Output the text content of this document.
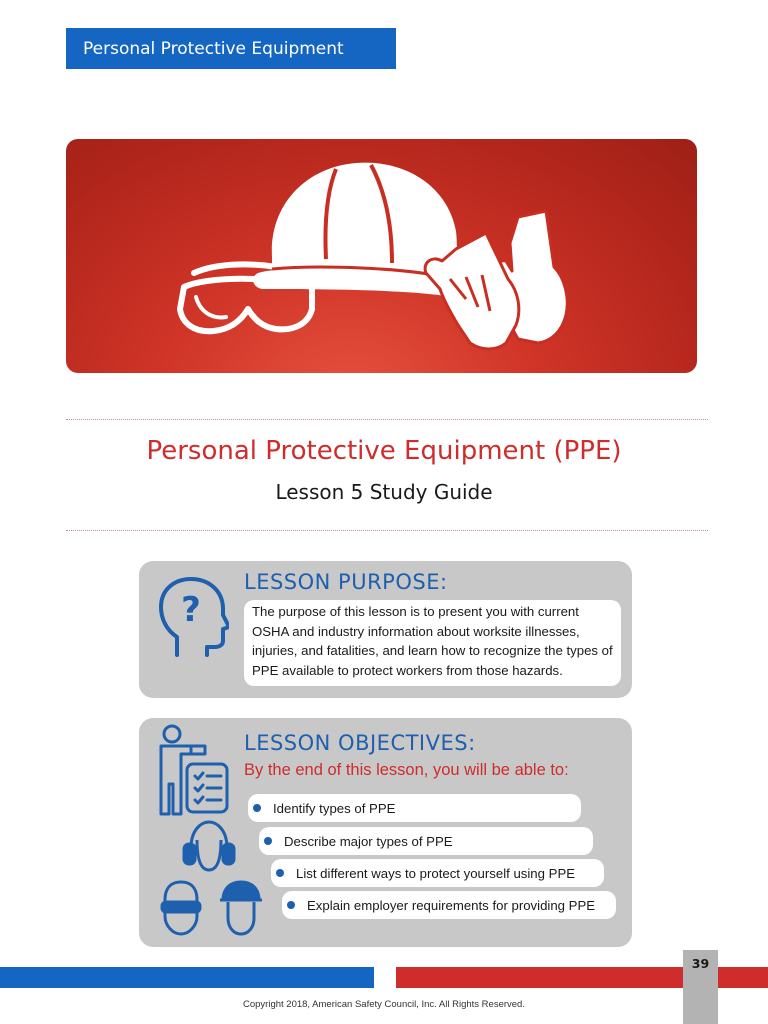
Personal Protective Equipment
Personal Protective Equipment (PPE)
Lesson 5 Study Guide
?
LESSON PURPOSE:
The purpose of this lesson is to present you with current OSHA and industry information about worksite illnesses, injuries, and fatalities, and learn how to recognize the types of PPE available to protect workers from those hazards.
LESSON OBJECTIVES:
By the end of this lesson, you will be able to:
Identify types of PPE
Describe major types of PPE
List different ways to protect yourself using PPE
Explain employer requirements for providing PPE
39
Copyright 2018, American Safety Council, Inc. All Rights Reserved.
